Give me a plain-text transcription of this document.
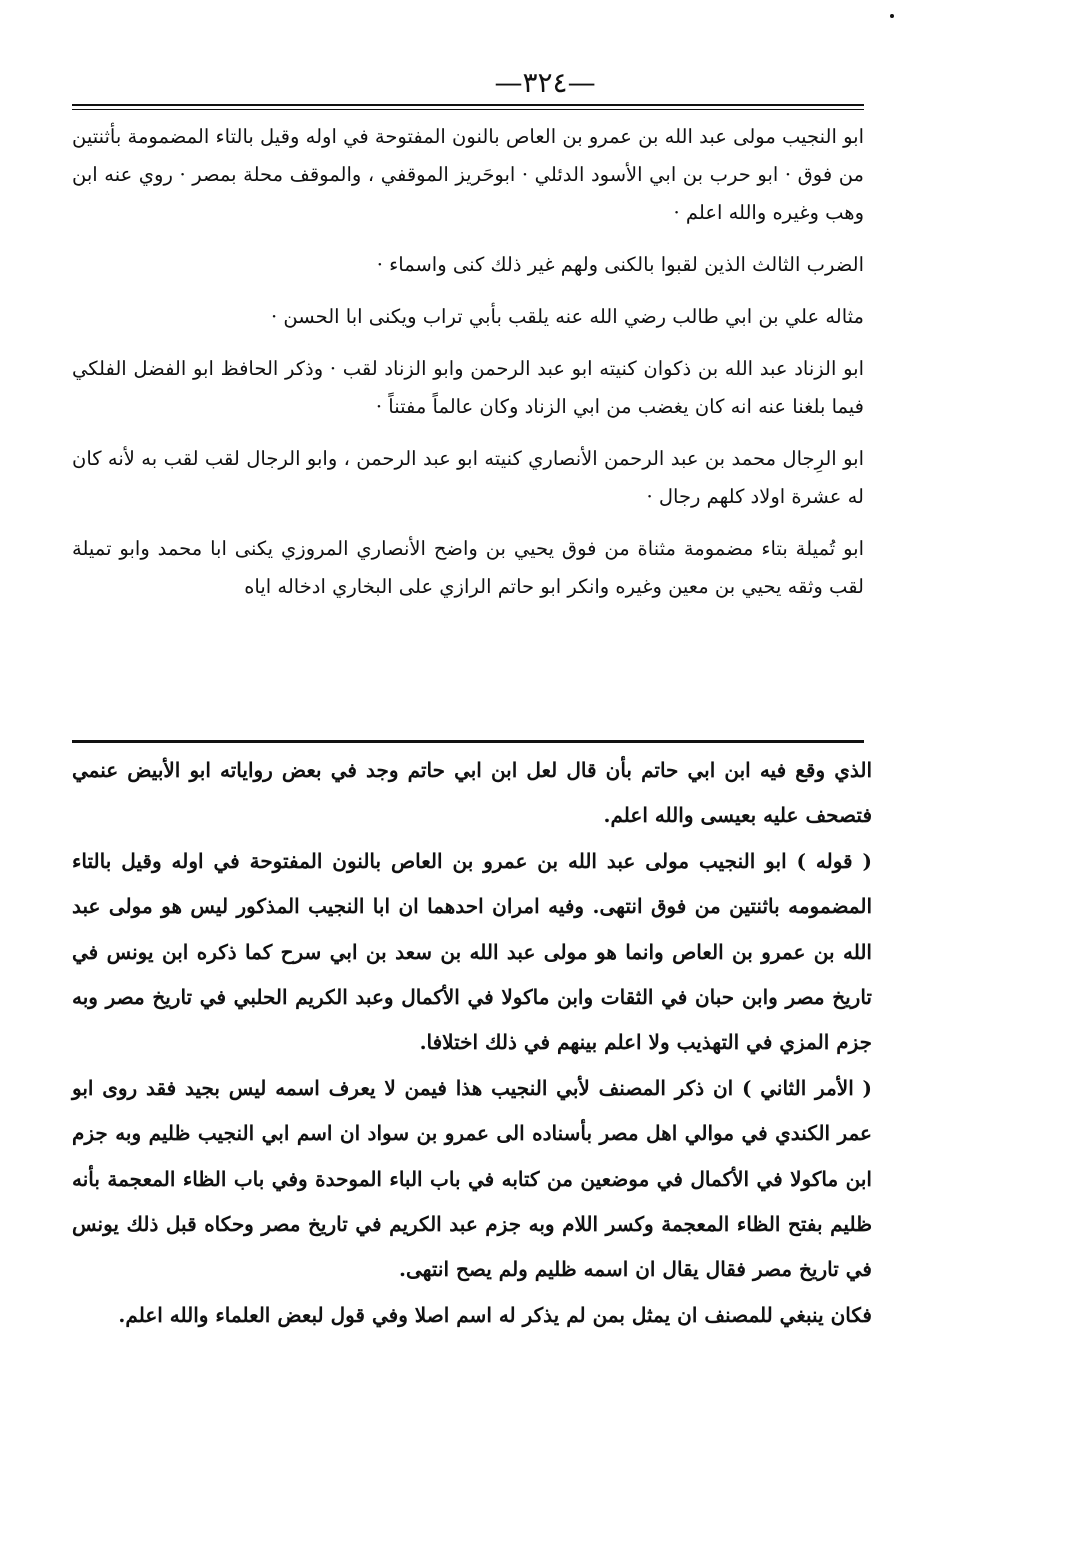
—٣٢٤—

ابو النجيب مولى عبد الله بن عمرو بن العاص بالنون المفتوحة في اوله وقيل بالتاء المضمومة بأثنتين من فوق · ابو حرب بن ابي الأسود الدئلي · ابوحَريز الموقفي ، والموقف محلة بمصر · روي عنه ابن وهب وغيره والله اعلم ·

الضرب الثالث الذين لقبوا بالكنى ولهم غير ذلك كنى واسماء ·

مثاله علي بن ابي طالب رضي الله عنه يلقب بأبي تراب ويكنى ابا الحسن ·

ابو الزناد عبد الله بن ذكوان كنيته ابو عبد الرحمن وابو الزناد لقب · وذكر الحافظ ابو الفضل الفلكي فيما بلغنا عنه انه كان يغضب من ابي الزناد وكان عالماً مفتناً ·

ابو الرِجال محمد بن عبد الرحمن الأنصاري كنيته ابو عبد الرحمن ، وابو الرجال لقب لقب به لأنه كان له عشرة اولاد كلهم رجال ·

ابو تُميلة بتاء مضمومة مثناة من فوق يحيي بن واضح الأنصاري المروزي يكنى ابا محمد وابو تميلة لقب وثقه يحيي بن معين وغيره وانكر ابو حاتم الرازي على البخاري ادخاله اياه

الذي وقع فيه ابن ابي حاتم بأن قال لعل ابن ابي حاتم وجد في بعض رواياته ابو الأبيض عنمي فتصحف عليه بعيسى والله اعلم.

( قوله ) ابو النجيب مولى عبد الله بن عمرو بن العاص بالنون المفتوحة في اوله وقيل بالتاء المضمومه باثنتين من فوق انتهى. وفيه امران احدهما ان ابا النجيب المذكور ليس هو مولى عبد الله بن عمرو بن العاص وانما هو مولى عبد الله بن سعد بن ابي سرح كما ذكره ابن يونس في تاريخ مصر وابن حبان في الثقات وابن ماكولا في الأكمال وعبد الكريم الحلبي في تاريخ مصر وبه جزم المزي في التهذيب ولا اعلم بينهم في ذلك اختلافا.

( الأمر الثاني ) ان ذكر المصنف لأبي النجيب هذا فيمن لا يعرف اسمه ليس بجيد فقد روى ابو عمر الكندي في موالي اهل مصر بأسناده الى عمرو بن سواد ان اسم ابي النجيب ظليم وبه جزم ابن ماكولا في الأكمال في موضعين من كتابه في باب الباء الموحدة وفي باب الظاء المعجمة بأنه ظليم بفتح الظاء المعجمة وكسر اللام وبه جزم عبد الكريم في تاريخ مصر وحكاه قبل ذلك يونس في تاريخ مصر فقال يقال ان اسمه ظليم ولم يصح انتهى.

فكان ينبغي للمصنف ان يمثل بمن لم يذكر له اسم اصلا وفي قول لبعض العلماء والله اعلم.
